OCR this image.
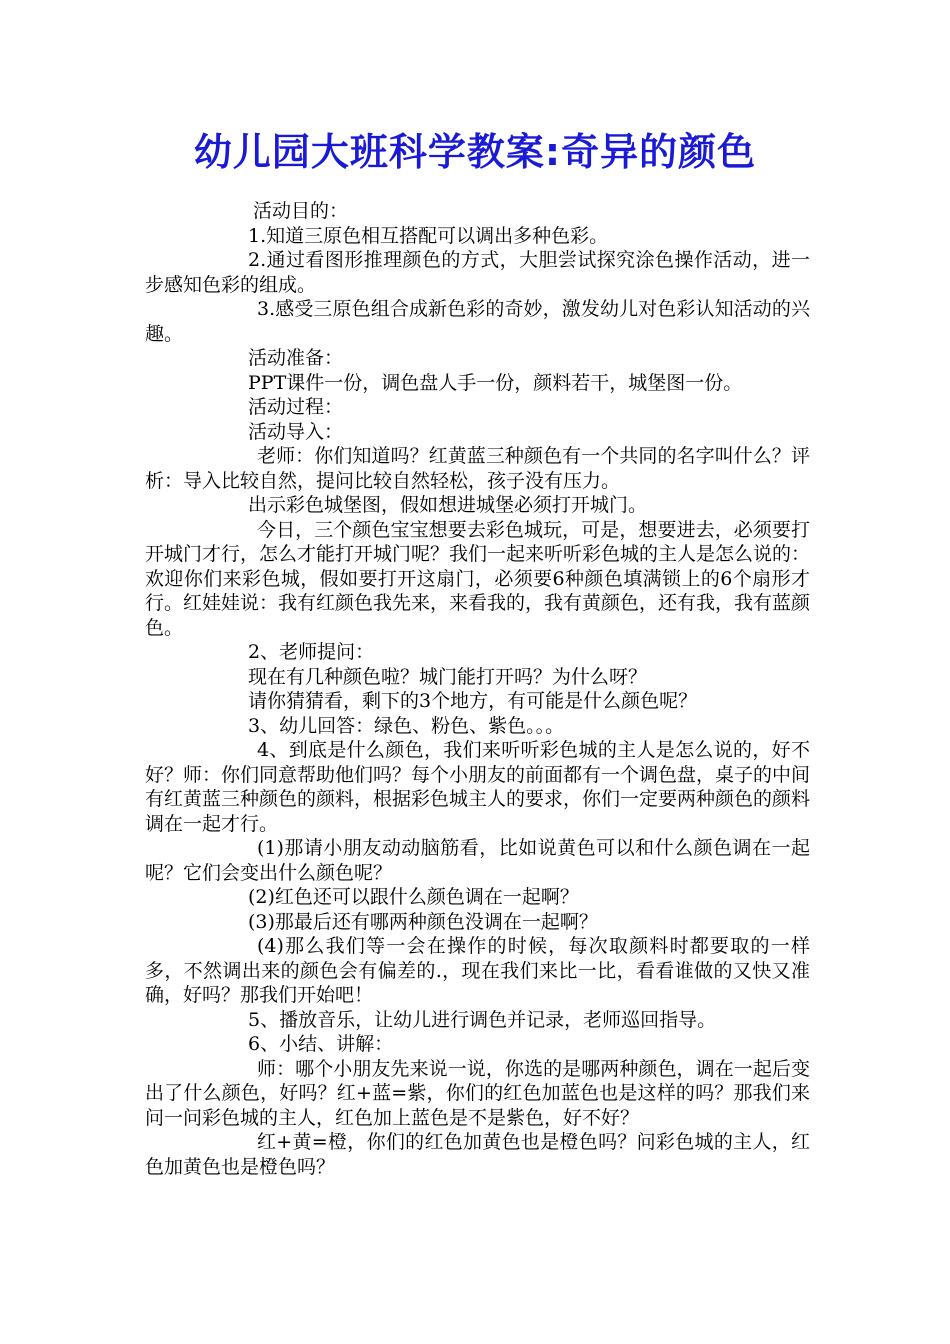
幼儿园大班科学教案:奇异的颜色

活动目的：

1.知道三原色相互搭配可以调出多种色彩。

2.通过看图形推理颜色的方式，大胆尝试探究涂色操作活动，进一步感知色彩的组成。

3.感受三原色组合成新色彩的奇妙，激发幼儿对色彩认知活动的兴趣。

活动准备：

PPT课件一份，调色盘人手一份，颜料若干，城堡图一份。

活动过程：

活动导入：

老师：你们知道吗？红黄蓝三种颜色有一个共同的名字叫什么？评析：导入比较自然，提问比较自然轻松，孩子没有压力。

出示彩色城堡图，假如想进城堡必须打开城门。

今日，三个颜色宝宝想要去彩色城玩，可是，想要进去，必须要打开城门才行，怎么才能打开城门呢？我们一起来听听彩色城的主人是怎么说的：欢迎你们来彩色城，假如要打开这扇门，必须要6种颜色填满锁上的6个扇形才行。红娃娃说：我有红颜色我先来，来看我的，我有黄颜色，还有我，我有蓝颜色。

2、老师提问：

现在有几种颜色啦？城门能打开吗？为什么呀？

请你猜猜看，剩下的3个地方，有可能是什么颜色呢？

3、幼儿回答：绿色、粉色、紫色。。。

4、到底是什么颜色，我们来听听彩色城的主人是怎么说的，好不好？师：你们同意帮助他们吗？每个小朋友的前面都有一个调色盘，桌子的中间有红黄蓝三种颜色的颜料，根据彩色城主人的要求，你们一定要两种颜色的颜料调在一起才行。

(1)那请小朋友动动脑筋看，比如说黄色可以和什么颜色调在一起呢？它们会变出什么颜色呢？

(2)红色还可以跟什么颜色调在一起啊？

(3)那最后还有哪两种颜色没调在一起啊？

(4)那么我们等一会在操作的时候，每次取颜料时都要取的一样多，不然调出来的颜色会有偏差的.，现在我们来比一比，看看谁做的又快又准确，好吗？那我们开始吧！

5、播放音乐，让幼儿进行调色并记录，老师巡回指导。

6、小结、讲解：

师：哪个小朋友先来说一说，你选的是哪两种颜色，调在一起后变出了什么颜色，好吗？红+蓝=紫，你们的红色加蓝色也是这样的吗？那我们来问一问彩色城的主人，红色加上蓝色是不是紫色，好不好？

红+黄=橙，你们的红色加黄色也是橙色吗？问彩色城的主人，红色加黄色也是橙色吗？
